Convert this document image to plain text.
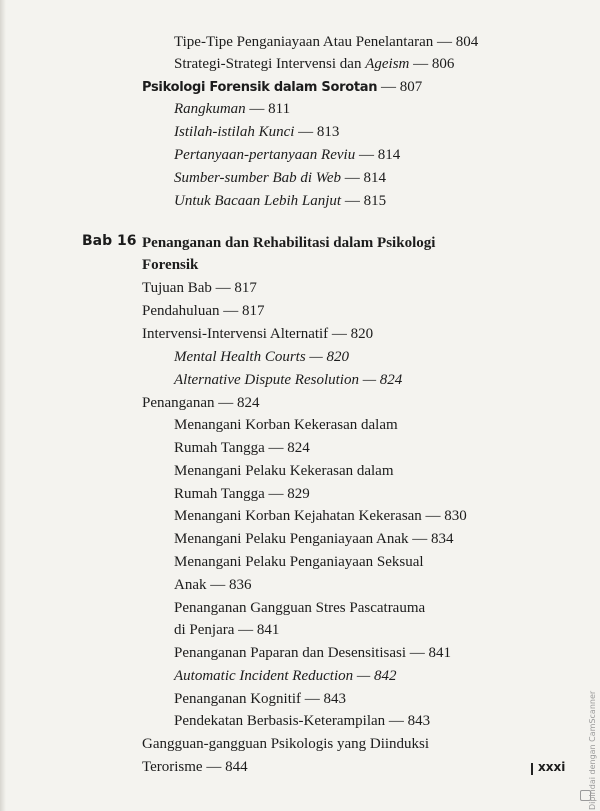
Tipe-Tipe Penganiayaan Atau Penelantaran — 804
Strategi-Strategi Intervensi dan Ageism — 806
Psikologi Forensik dalam Sorotan — 807
Rangkuman — 811
Istilah-istilah Kunci — 813
Pertanyaan-pertanyaan Reviu — 814
Sumber-sumber Bab di Web — 814
Untuk Bacaan Lebih Lanjut — 815
Bab 16 Penanganan dan Rehabilitasi dalam Psikologi
Forensik
Tujuan Bab — 817
Pendahuluan — 817
Intervensi-Intervensi Alternatif — 820
Mental Health Courts — 820
Alternative Dispute Resolution — 824
Penanganan — 824
Menangani Korban Kekerasan dalam
Rumah Tangga — 824
Menangani Pelaku Kekerasan dalam
Rumah Tangga — 829
Menangani Korban Kejahatan Kekerasan — 830
Menangani Pelaku Penganiayaan Anak — 834
Menangani Pelaku Penganiayaan Seksual
Anak — 836
Penanganan Gangguan Stres Pascatrauma
di Penjara — 841
Penanganan Paparan dan Desensitisasi — 841
Automatic Incident Reduction — 842
Penanganan Kognitif — 843
Pendekatan Berbasis-Keterampilan — 843
Gangguan-gangguan Psikologis yang Diinduksi
Terorisme — 844	xxxi	Dipindai dengan CamScanner
